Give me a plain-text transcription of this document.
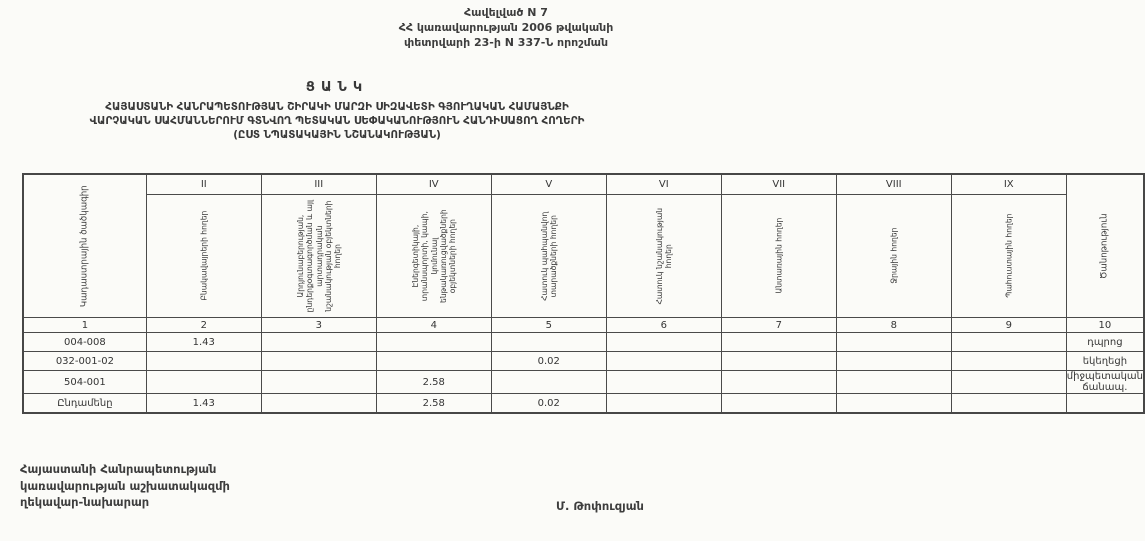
Հավելված N 7
ՀՀ կառավարության 2006 թվականի
փետրվարի 23-ի N 337-Ն որոշման
ՑԱՆԿ
ՀԱՅԱՍՏԱՆԻ ՀԱՆՐԱՊԵՏՈՒԹՅԱՆ ՇԻՐԱԿԻ ՄԱՐԶԻ ՍԻԶԱՎԵՏԻ ԳՅՈՒՂԱԿԱՆ ՀԱՄԱՅՆՔԻ
ՎԱՐՉԱԿԱՆ ՍԱՀՄԱՆՆԵՐՈՒՄ ԳՏՆՎՈՂ ՊԵՏԱԿԱՆ ՍԵՓԱԿԱՆՈՒԹՅՈՒՆ ՀԱՆԴԻՍԱՑՈՂ ՀՈՂԵՐԻ
(ԸՍՏ ՆՊԱՏԱԿԱՅԻՆ ՆՇԱՆԱԿՈՒԹՅԱՆ)
Կադաստրային ծածկագիր	II	III	IV	V	VI	VII	VIII	IX	Ծանոթություն

	Բնակավայրերի հողեր	Արդյունաբերության, ընդերքօգտագործման և այլ արտադրական նշանակության օբյեկտների հողեր	Էներգետիկայի, տրանսպորտի, կապի, կոմունալ ենթակառուցվածքների օբյեկտների հողեր	Հատուկ պահպանվող տարածքների հողեր	Հատուկ նշանակության հողեր	Անտառային հողեր	Ջրային հողեր	Պահուստային հողեր	

1	2	3	4	5	6	7	8	9	10
004-008	1.43								դպրոց
032-001-02				0.02					եկեղեցի
504-001			2.58						միջպետական ճանապ.
Ընդամենը	1.43		2.58	0.02					
Հայաստանի Հանրապետության
կառավարության աշխատակազմի
ղեկավար-նախարար	Մ. Թոփուզյան
